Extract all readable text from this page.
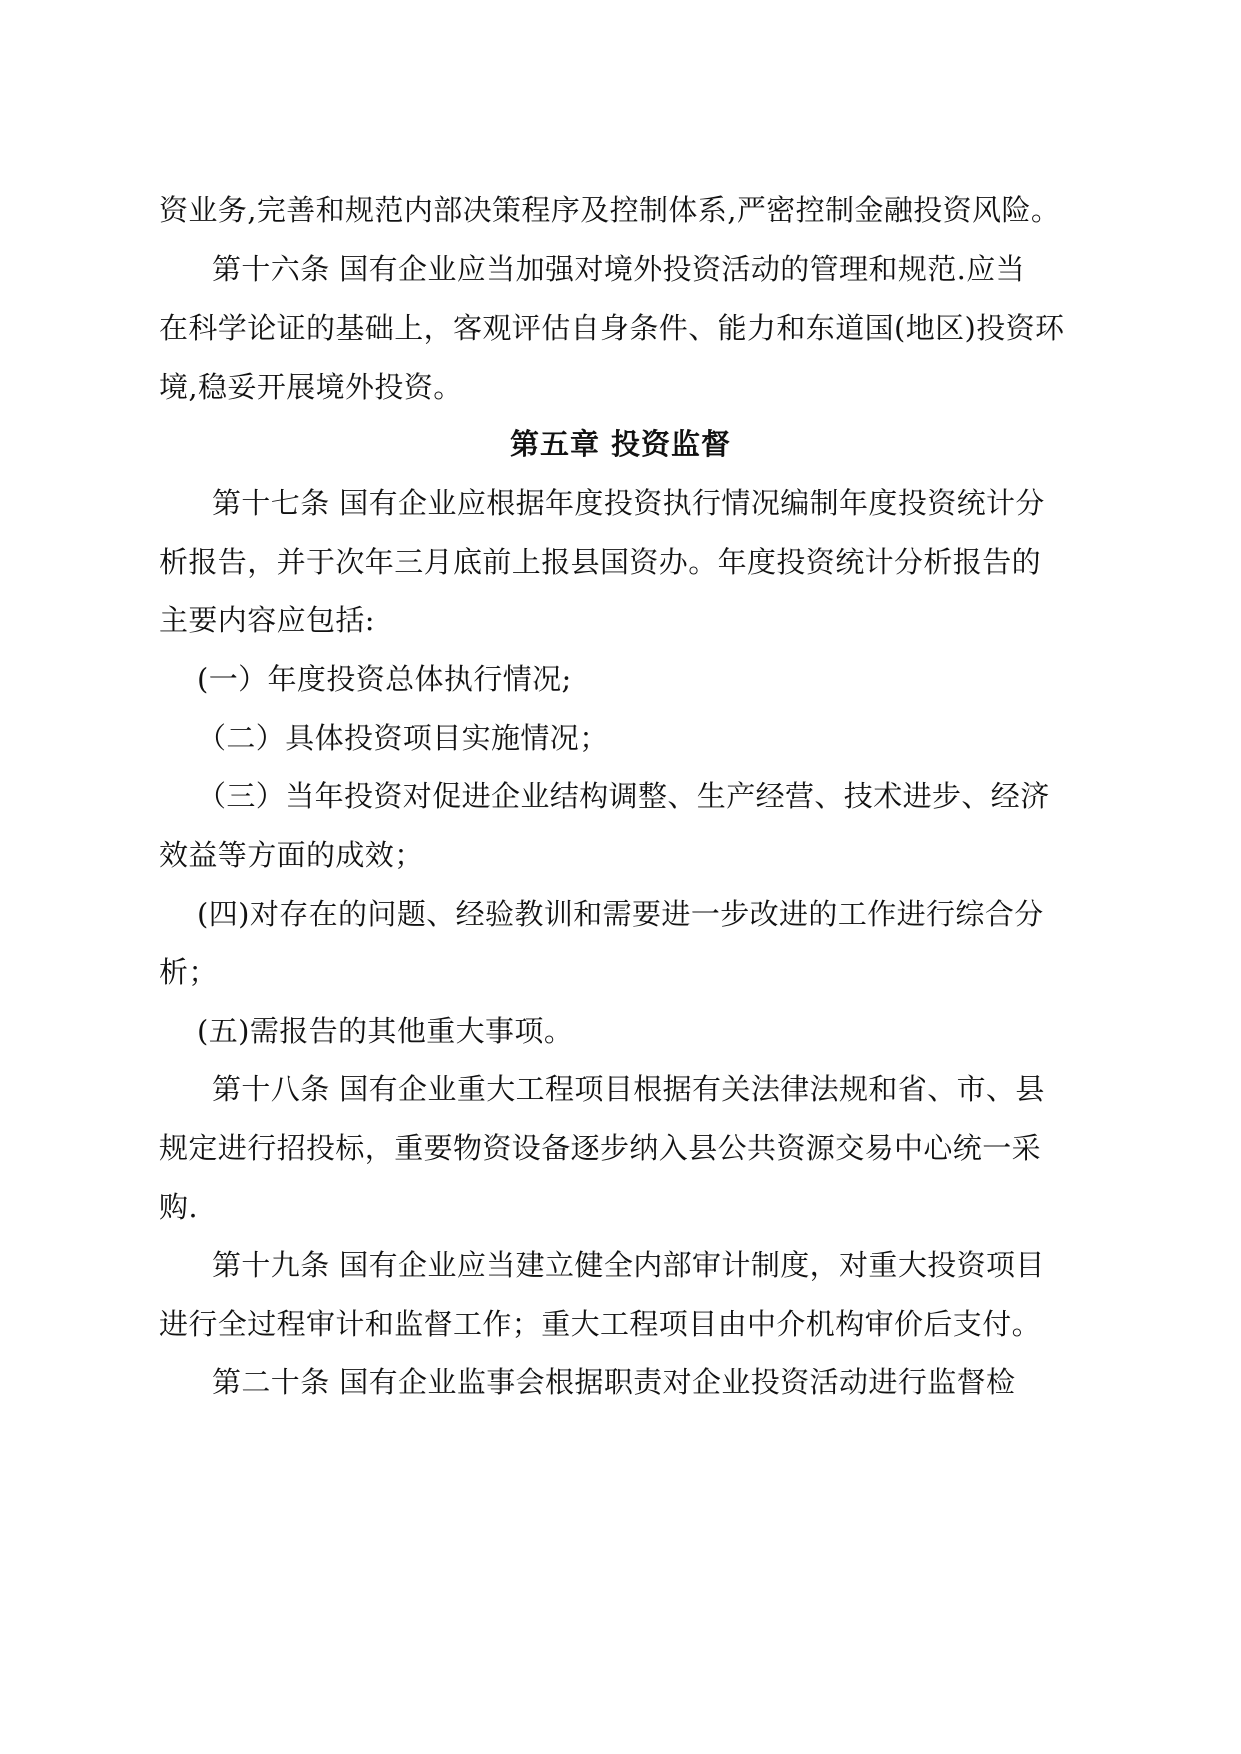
资业务,完善和规范内部决策程序及控制体系,严密控制金融投资风险。
第十六条 国有企业应当加强对境外投资活动的管理和规范.应当
在科学论证的基础上，客观评估自身条件、能力和东道国(地区)投资环
境,稳妥开展境外投资。
第五章 投资监督
第十七条 国有企业应根据年度投资执行情况编制年度投资统计分
析报告，并于次年三月底前上报县国资办。年度投资统计分析报告的
主要内容应包括:
(一）年度投资总体执行情况;
（二）具体投资项目实施情况；
（三）当年投资对促进企业结构调整、生产经营、技术进步、经济
效益等方面的成效；
(四)对存在的问题、经验教训和需要进一步改进的工作进行综合分
析；
(五)需报告的其他重大事项。
第十八条 国有企业重大工程项目根据有关法律法规和省、市、县
规定进行招投标，重要物资设备逐步纳入县公共资源交易中心统一采
购.
第十九条 国有企业应当建立健全内部审计制度，对重大投资项目
进行全过程审计和监督工作；重大工程项目由中介机构审价后支付。
第二十条 国有企业监事会根据职责对企业投资活动进行监督检
